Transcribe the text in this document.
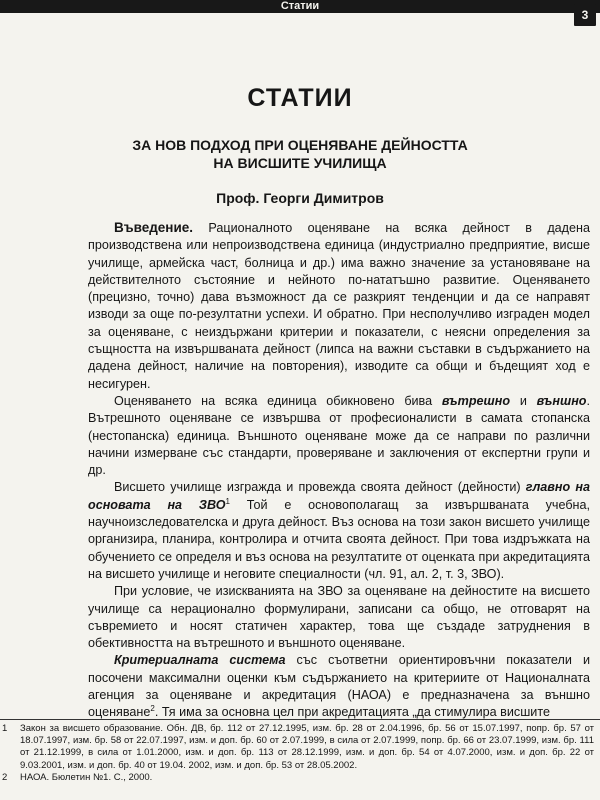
Статии
3
СТАТИИ
ЗА НОВ ПОДХОД ПРИ ОЦЕНЯВАНЕ ДЕЙНОСТТА
НА ВИСШИТЕ УЧИЛИЩА
Проф. Георги Димитров

Въведение. Рационалното оценяване на всяка дейност в дадена производствена или непроизводствена единица (индустриално предприятие, висше училище, армейска част, болница и др.) има важно значение за установяване на действителното състояние и нейното по-нататъшно развитие. Оценяването (прецизно, точно) дава възможност да се разкрият тенденции и да се направят изводи за още по-резултатни успехи. И обратно. При несполучливо изграден модел за оценяване, с неиздържани критерии и показатели, с неясни определения за същността на извършваната дейност (липса на важни съставки в съдържанието на дадена дейност, наличие на повторения), изводите са общи и бъдещият ход е несигурен.

Оценяването на всяка единица обикновено бива вътрешно и външно. Вътрешното оценяване се извършва от професионалисти в самата стопанска (нестопанска) единица. Външното оценяване може да се направи по различни начини измерване със стандарти, проверяване и заключения от експертни групи и др.

Висшето училище изгражда и провежда своята дейност (дейности) главно на основата на ЗВО$^1$ Той е основополагащ за извършваната учебна, научноизследователска и друга дейност. Въз основа на този закон висшето училище организира, планира, контролира и отчита своята дейност. При това издръжката на обучението се определя и въз основа на резултатите от оценката при акредитацията на висшето училище и неговите специалности (чл. 91, ал. 2, т. 3, ЗВО).

При условие, че изискванията на ЗВО за оценяване на дейностите на висшето училище са нерационално формулирани, записани са общо, не отговарят на съвремието и носят статичен характер, това ще създаде затруднения в обективността на вътрешното и външното оценяване.

Критериалната система със съответни ориентировъчни показатели и посочени максимални оценки към съдържанието на критериите от Националната агенция за оценяване и акредитация (НАОА) е предназначена за външно оценяване$^2$. Тя има за основна цел при акредитацията „да стимулира висшите

1 Закон за висшето образование. Обн. ДВ, бр. 112 от 27.12.1995, изм. бр. 28 от 2.04.1996, бр. 56 от 15.07.1997, попр. бр. 57 от 18.07.1997, изм. бр. 58 от 22.07.1997, изм. и доп. бр. 60 от 2.07.1999, в сила от 2.07.1999, попр. бр. 66 от 23.07.1999, изм. бр. 111 от 21.12.1999, в сила от 1.01.2000, изм. и доп. бр. 113 от 28.12.1999, изм. и доп. бр. 54 от 4.07.2000, изм. и доп. бр. 22 от 9.03.2001, изм. и доп. бр. 40 от 19.04. 2002, изм. и доп. бр. 53 от 28.05.2002.
2 НАОА. Бюлетин №1. С., 2000.
